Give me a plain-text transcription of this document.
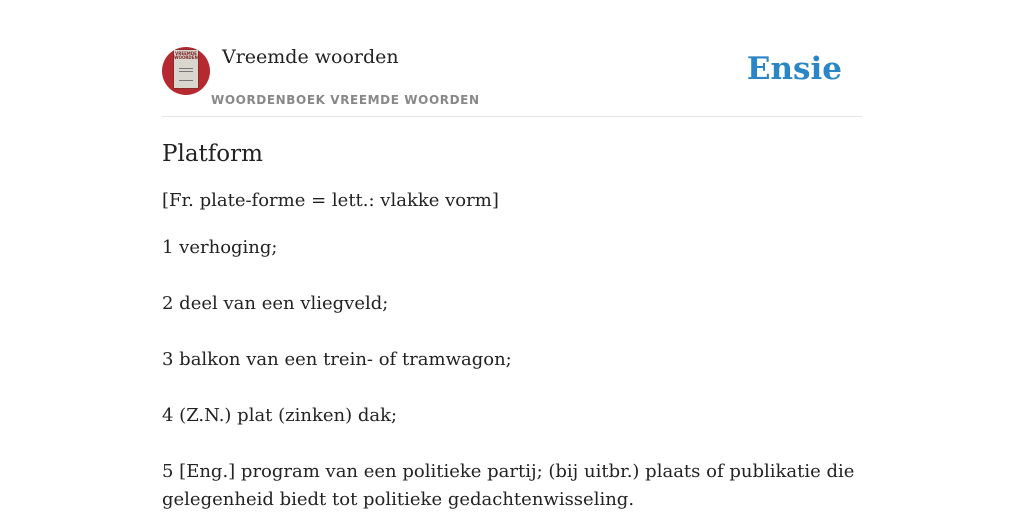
VREEMDE WOORDEN Vreemde woorden
WOORDENBOEK VREEMDE WOORDEN
Ensie
Platform

[Fr. plate-forme = lett.: vlakke vorm]

1 verhoging;
2 deel van een vliegveld;
3 balkon van een trein- of tramwagon;
4 (Z.N.) plat (zinken) dak;
5 [Eng.] program van een politieke partij; (bij uitbr.) plaats of publikatie die gelegenheid biedt tot politieke gedachtenwisseling.
